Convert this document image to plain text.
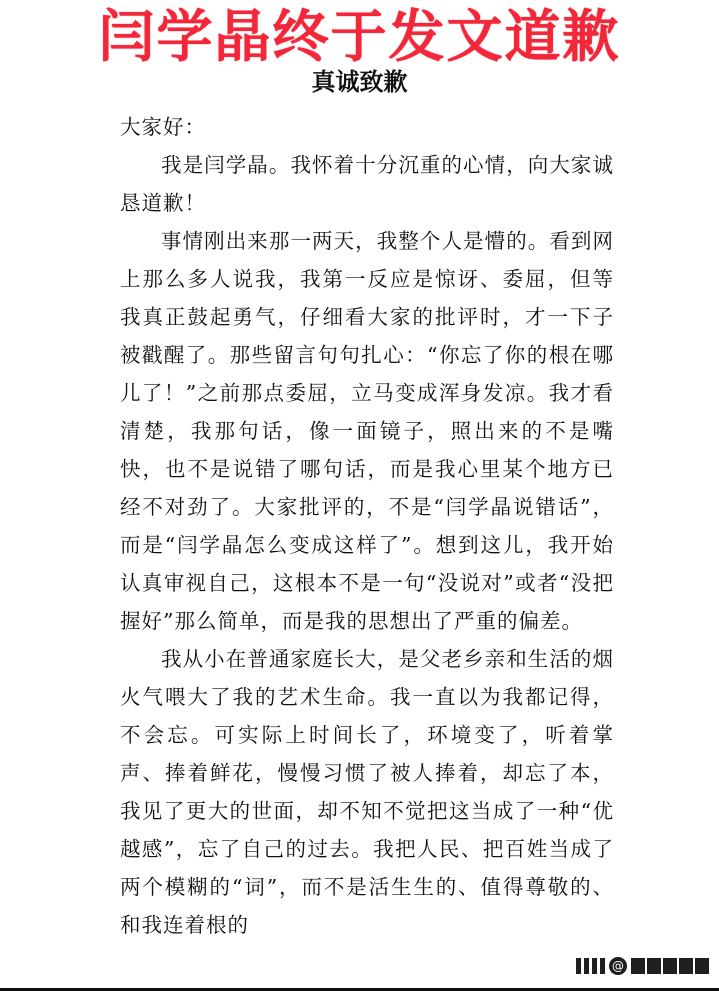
闫学晶终于发文道歉
真诚致歉

大家好：

我是闫学晶。我怀着十分沉重的心情，向大家诚恳道歉！

事情刚出来那一两天，我整个人是懵的。看到网上那么多人说我，我第一反应是惊讶、委屈，但等我真正鼓起勇气，仔细看大家的批评时，才一下子被戳醒了。那些留言句句扎心：“你忘了你的根在哪儿了！”之前那点委屈，立马变成浑身发凉。我才看清楚，我那句话，像一面镜子，照出来的不是嘴快，也不是说错了哪句话，而是我心里某个地方已经不对劲了。大家批评的，不是“闫学晶说错话”，而是“闫学晶怎么变成这样了”。想到这儿，我开始认真审视自己，这根本不是一句“没说对”或者“没把握好”那么简单，而是我的思想出了严重的偏差。

我从小在普通家庭长大，是父老乡亲和生活的烟火气喂大了我的艺术生命。我一直以为我都记得，不会忘。可实际上时间长了，环境变了，听着掌声、捧着鲜花，慢慢习惯了被人捧着，却忘了本，我见了更大的世面，却不知不觉把这当成了一种“优越感”，忘了自己的过去。我把人民、把百姓当成了两个模糊的“词”，而不是活生生的、值得尊敬的、和我连着根的

@
